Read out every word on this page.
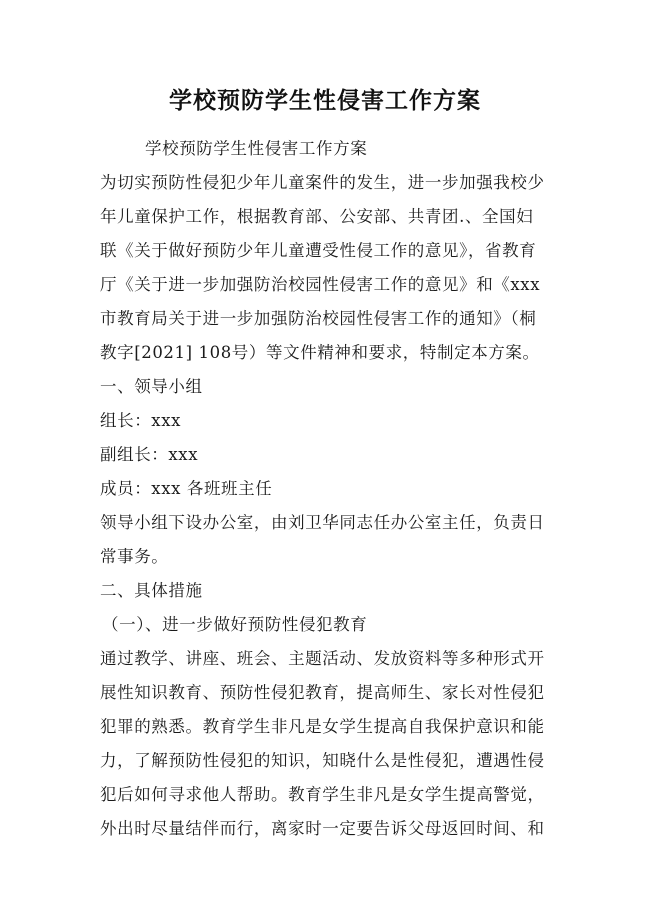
学校预防学生性侵害工作方案

学校预防学生性侵害工作方案

为切实预防性侵犯少年儿童案件的发生，进一步加强我校少

年儿童保护工作，根据教育部、公安部、共青团.、全国妇

联《关于做好预防少年儿童遭受性侵工作的意见》，省教育

厅《关于进一步加强防治校园性侵害工作的意见》和《xxx

市教育局关于进一步加强防治校园性侵害工作的通知》（桐

教字[2021] 108号）等文件精神和要求，特制定本方案。

一、领导小组

组长：xxx

副组长：xxx

成员：xxx 各班班主任

领导小组下设办公室，由刘卫华同志任办公室主任，负责日

常事务。

二、具体措施

（一）、进一步做好预防性侵犯教育

通过教学、讲座、班会、主题活动、发放资料等多种形式开

展性知识教育、预防性侵犯教育，提高师生、家长对性侵犯

犯罪的熟悉。教育学生非凡是女学生提高自我保护意识和能

力，了解预防性侵犯的知识，知晓什么是性侵犯，遭遇性侵

犯后如何寻求他人帮助。教育学生非凡是女学生提高警觉，

外出时尽量结伴而行，离家时一定要告诉父母返回时间、和
